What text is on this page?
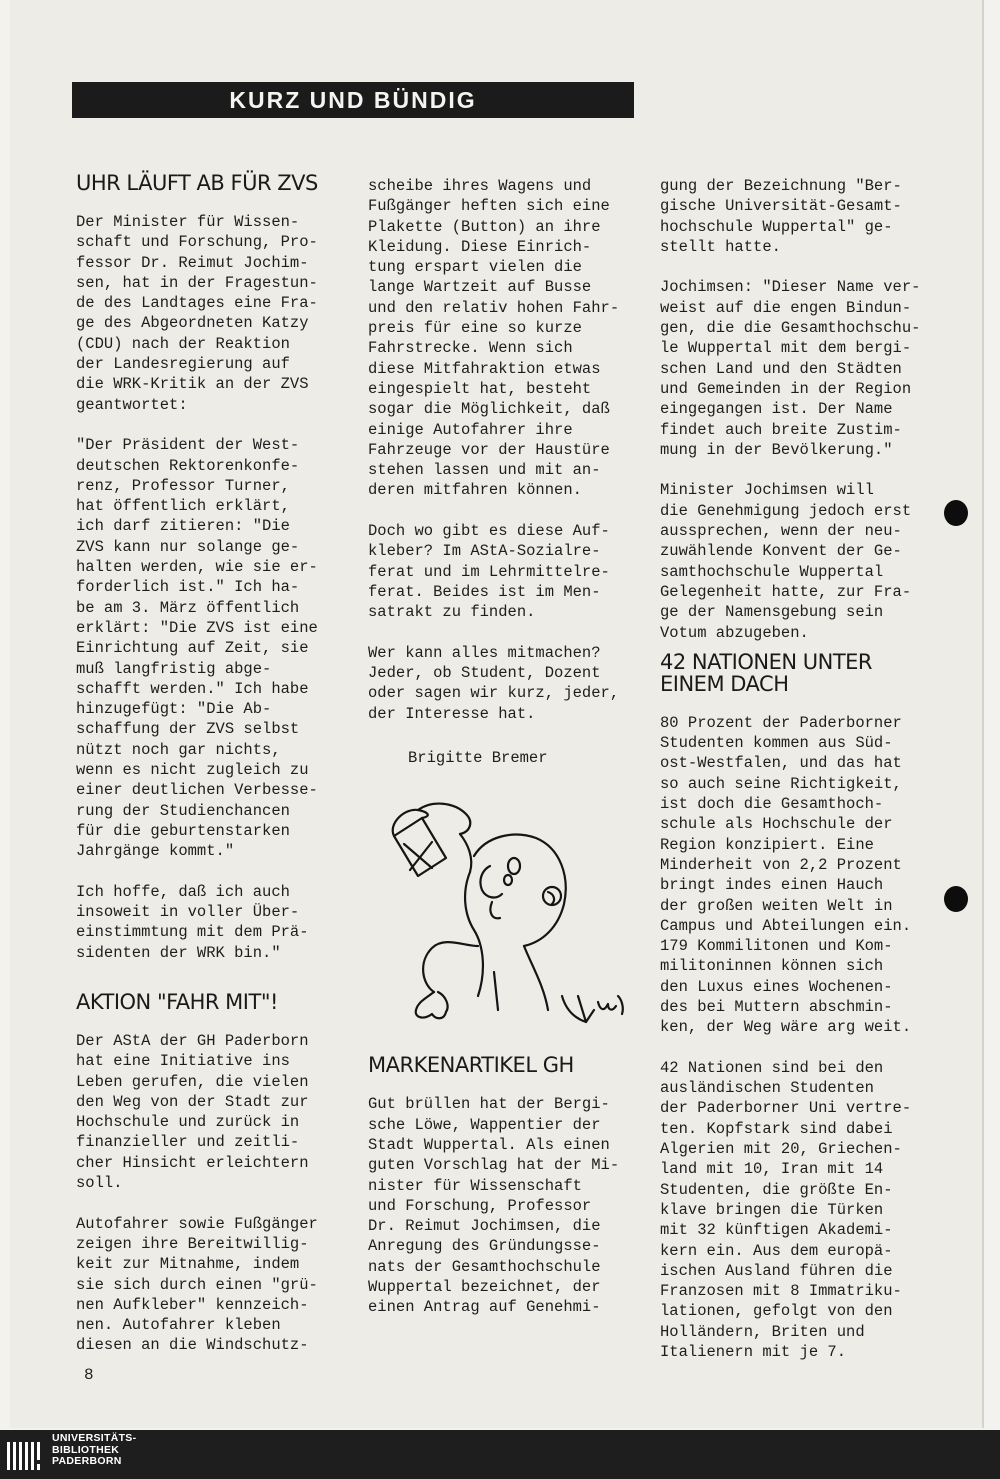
KURZ UND BÜNDIG
UHR LÄUFT AB FÜR ZVS

Der Minister für Wissen-
schaft und Forschung, Pro-
fessor Dr. Reimut Jochim-
sen, hat in der Fragestun-
de des Landtages eine Fra-
ge des Abgeordneten Katzy
(CDU) nach der Reaktion
der Landesregierung auf
die WRK-Kritik an der ZVS
geantwortet:

"Der Präsident der West-
deutschen Rektorenkonfe-
renz, Professor Turner,
hat öffentlich erklärt,
ich darf zitieren: "Die
ZVS kann nur solange ge-
halten werden, wie sie er-
forderlich ist." Ich ha-
be am 3. März öffentlich
erklärt: "Die ZVS ist eine
Einrichtung auf Zeit, sie
muß langfristig abge-
schafft werden." Ich habe
hinzugefügt: "Die Ab-
schaffung der ZVS selbst
nützt noch gar nichts,
wenn es nicht zugleich zu
einer deutlichen Verbesse-
rung der Studienchancen
für die geburtenstarken
Jahrgänge kommt."

Ich hoffe, daß ich auch
insoweit in voller Über-
einstimmtung mit dem Prä-
sidenten der WRK bin."

AKTION "FAHR MIT"!

Der AStA der GH Paderborn
hat eine Initiative ins
Leben gerufen, die vielen
den Weg von der Stadt zur
Hochschule und zurück in
finanzieller und zeitli-
cher Hinsicht erleichtern
soll.

Autofahrer sowie Fußgänger
zeigen ihre Bereitwillig-
keit zur Mitnahme, indem
sie sich durch einen "grü-
nen Aufkleber" kennzeich-
nen. Autofahrer kleben
diesen an die Windschutz-

scheibe ihres Wagens und
Fußgänger heften sich eine
Plakette (Button) an ihre
Kleidung. Diese Einrich-
tung erspart vielen die
lange Wartzeit auf Busse
und den relativ hohen Fahr-
preis für eine so kurze
Fahrstrecke. Wenn sich
diese Mitfahraktion etwas
eingespielt hat, besteht
sogar die Möglichkeit, daß
einige Autofahrer ihre
Fahrzeuge vor der Haustüre
stehen lassen und mit an-
deren mitfahren können.

Doch wo gibt es diese Auf-
kleber? Im AStA-Sozialre-
ferat und im Lehrmittelre-
ferat. Beides ist im Men-
satrakt zu finden.

Wer kann alles mitmachen?
Jeder, ob Student, Dozent
oder sagen wir kurz, jeder,
der Interesse hat.

Brigitte Bremer

MARKENARTIKEL GH

Gut brüllen hat der Bergi-
sche Löwe, Wappentier der
Stadt Wuppertal. Als einen
guten Vorschlag hat der Mi-
nister für Wissenschaft
und Forschung, Professor
Dr. Reimut Jochimsen, die
Anregung des Gründungsse-
nats der Gesamthochschule
Wuppertal bezeichnet, der
einen Antrag auf Genehmi-

gung der Bezeichnung "Ber-
gische Universität-Gesamt-
hochschule Wuppertal" ge-
stellt hatte.

Jochimsen: "Dieser Name ver-
weist auf die engen Bindun-
gen, die die Gesamthochschu-
le Wuppertal mit dem bergi-
schen Land und den Städten
und Gemeinden in der Region
eingegangen ist. Der Name
findet auch breite Zustim-
mung in der Bevölkerung."

Minister Jochimsen will
die Genehmigung jedoch erst
aussprechen, wenn der neu-
zuwählende Konvent der Ge-
samthochschule Wuppertal
Gelegenheit hatte, zur Fra-
ge der Namensgebung sein
Votum abzugeben.

42 NATIONEN UNTER
EINEM DACH

80 Prozent der Paderborner
Studenten kommen aus Süd-
ost-Westfalen, und das hat
so auch seine Richtigkeit,
ist doch die Gesamthoch-
schule als Hochschule der
Region konzipiert. Eine
Minderheit von 2,2 Prozent
bringt indes einen Hauch
der großen weiten Welt in
Campus und Abteilungen ein.
179 Kommilitonen und Kom-
militoninnen können sich
den Luxus eines Wochenen-
des bei Muttern abschmin-
ken, der Weg wäre arg weit.

42 Nationen sind bei den
ausländischen Studenten
der Paderborner Uni vertre-
ten. Kopfstark sind dabei
Algerien mit 20, Griechen-
land mit 10, Iran mit 14
Studenten, die größte En-
klave bringen die Türken
mit 32 künftigen Akademi-
kern ein. Aus dem europä-
ischen Ausland führen die
Franzosen mit 8 Immatriku-
lationen, gefolgt von den
Holländern, Briten und
Italienern mit je 7.

8
UNIVERSITÄTS-
BIBLIOTHEK
PADERBORN
